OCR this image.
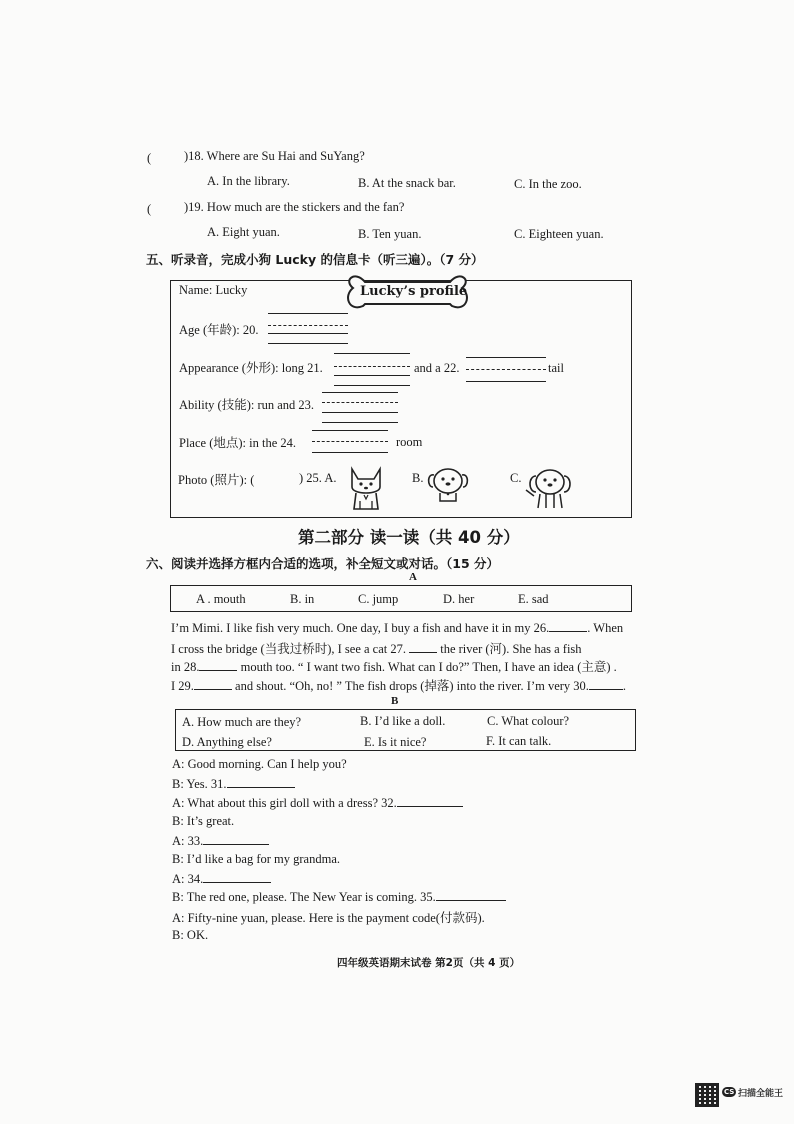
(	)18. Where are Su Hai and SuYang?
A. In the library.	B. At the snack bar.	C. In the zoo.
(	)19. How much are the stickers and the fan?
A. Eight yuan.	B. Ten yuan.	C. Eighteen yuan.
五、听录音，完成小狗 Lucky 的信息卡（听三遍）。（7 分）
Lucky’s profile
Name: Lucky
Age (年龄): 20.
Appearance (外形): long 21.	and a 22.	tail
Ability (技能): run and 23.
Place (地点): in the 24.	room
Photo (照片): (	) 25. A.	B.	C.
第二部分 读一读（共 40 分）
六、阅读并选择方框内合适的选项，补全短文或对话。（15 分）
A
A . mouth	B. in	C. jump	D. her	E. sad
I’m Mimi. I like fish very much. One day, I buy a fish and have it in my 26.	. When
I cross the bridge (当我过桥时), I see a cat 27.	the river (河). She has a fish
in 28.	mouth too. “ I want two fish. What can I do?” Then, I have an idea (主意) .
I 29.	and shout. “Oh, no! ” The fish drops (掉落) into the river. I’m very 30.	.
B
A. How much are they?	B. I’d like a doll.	C. What colour?
D. Anything else?	E. Is it nice?	F. It can talk.
A: Good morning. Can I help you?
B: Yes. 31.
A: What about this girl doll with a dress? 32.
B: It’s great.
A: 33.
B: I’d like a bag for my grandma.
A: 34.
B: The red one, please. The New Year is coming. 35.
A: Fifty-nine yuan, please. Here is the payment code(付款码).
B: OK.
四年级英语期末试卷 第2页（共 4 页）
CS 扫描全能王
